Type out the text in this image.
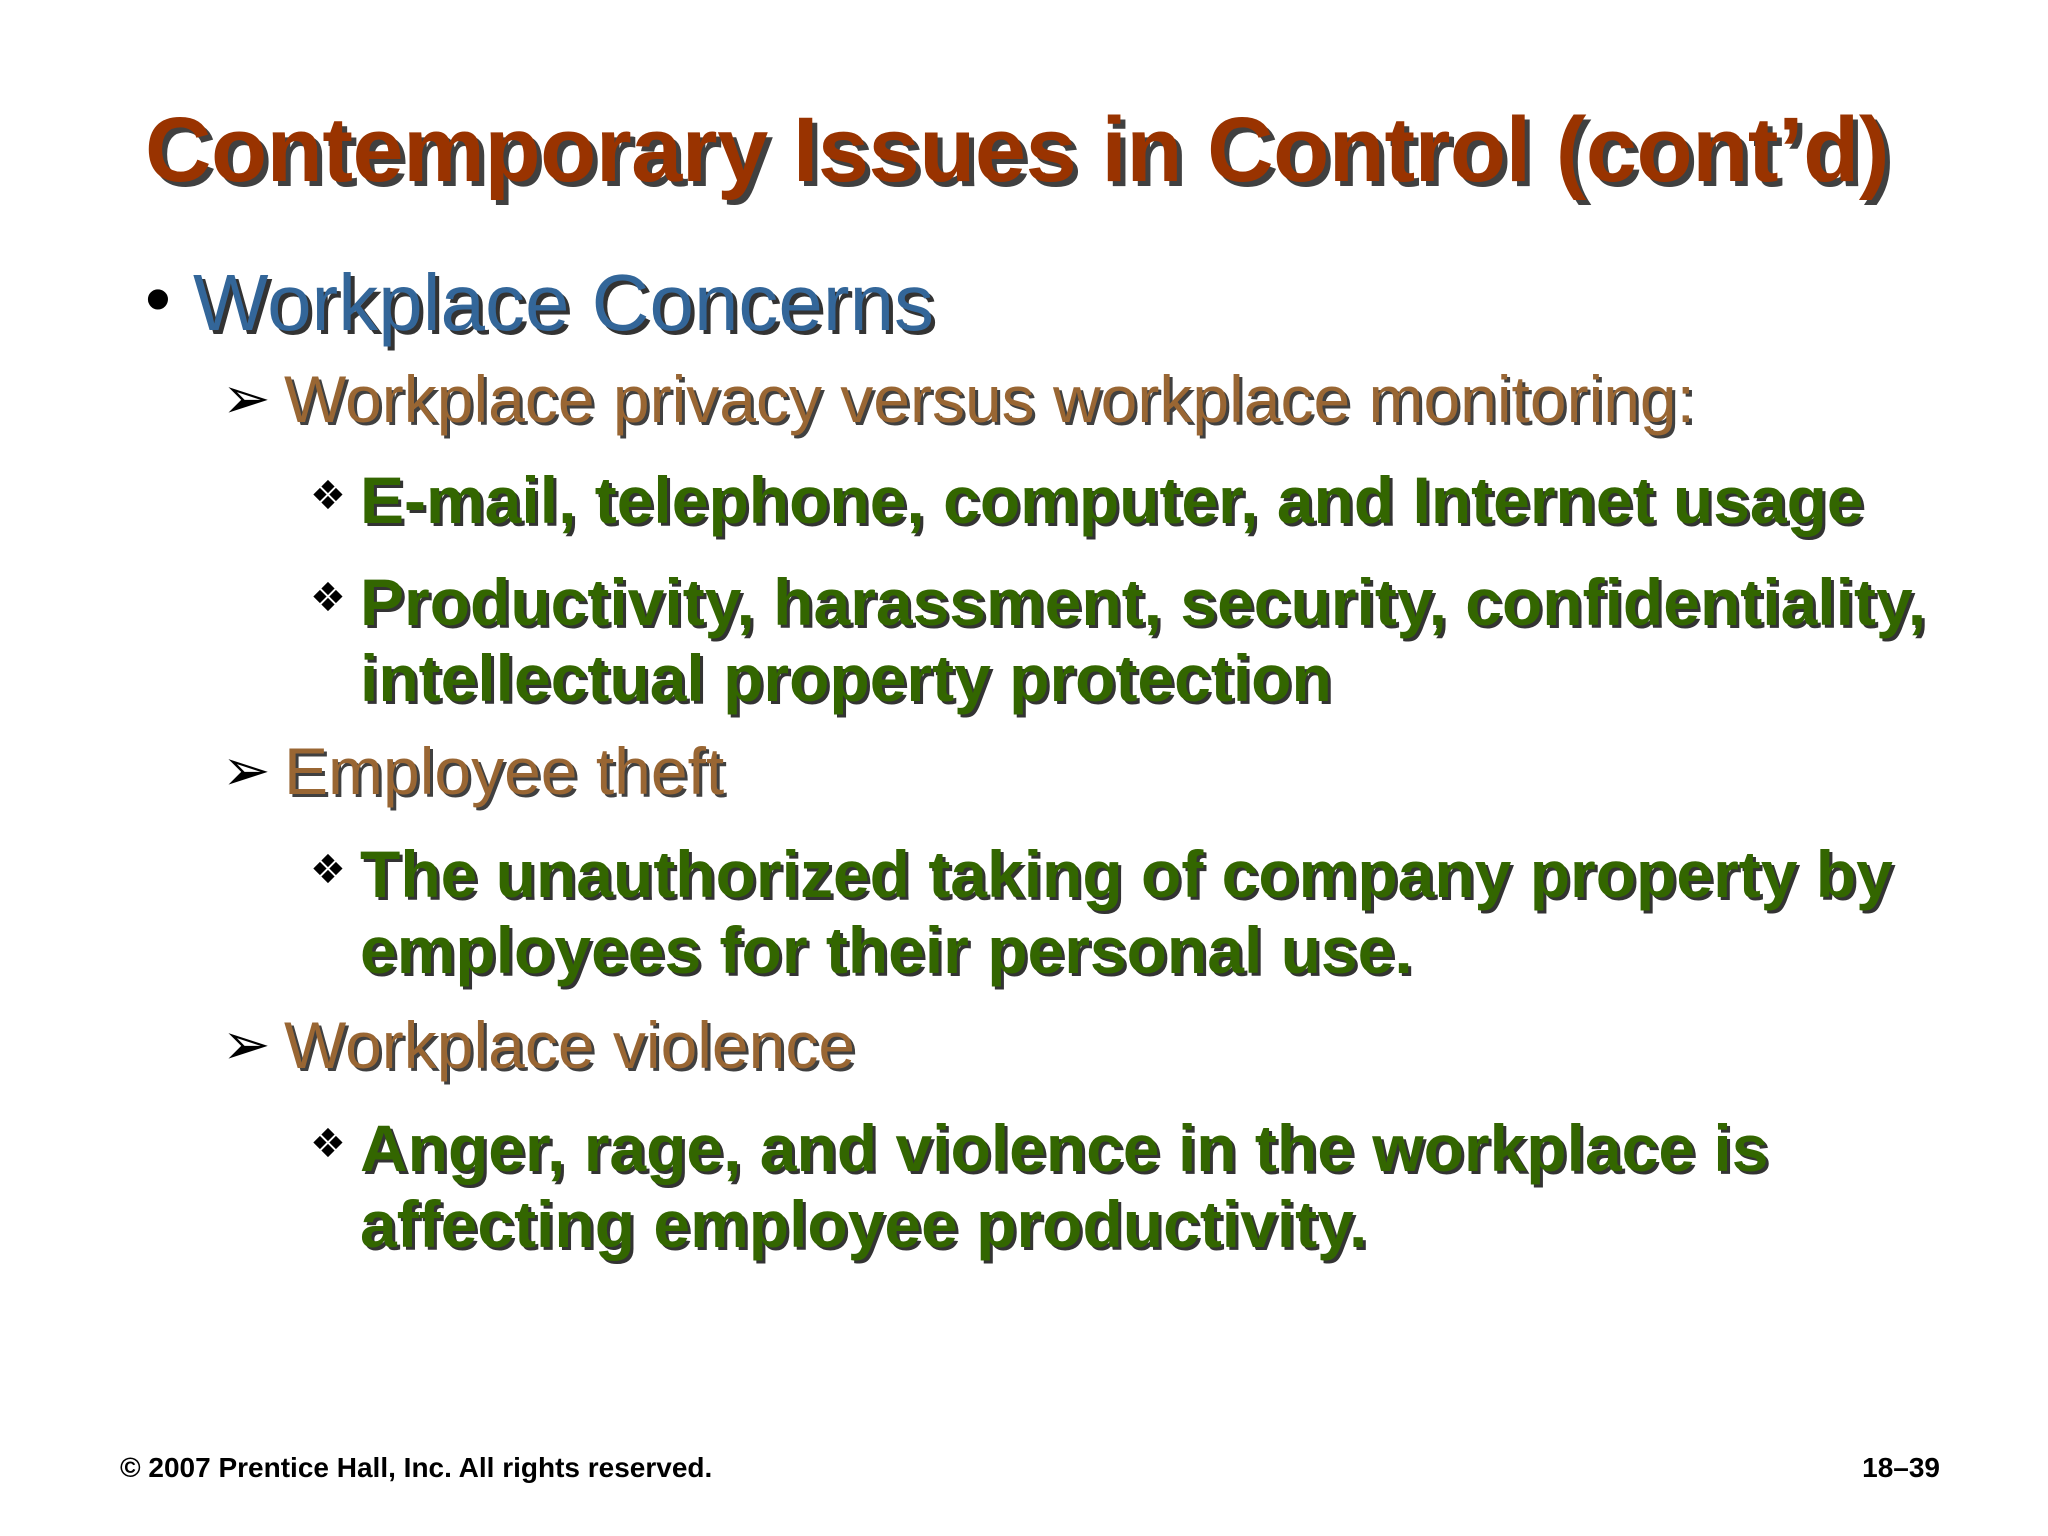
Contemporary Issues in Control (cont’d)
• Workplace Concerns
➢ Workplace privacy versus workplace monitoring:
❖ E-mail, telephone, computer, and Internet usage
❖ Productivity, harassment, security, confidentiality,
intellectual property protection
➢ Employee theft
❖ The unauthorized taking of company property by
employees for their personal use.
➢ Workplace violence
❖ Anger, rage, and violence in the workplace is
affecting employee productivity.
© 2007 Prentice Hall, Inc. All rights reserved.	18–39
